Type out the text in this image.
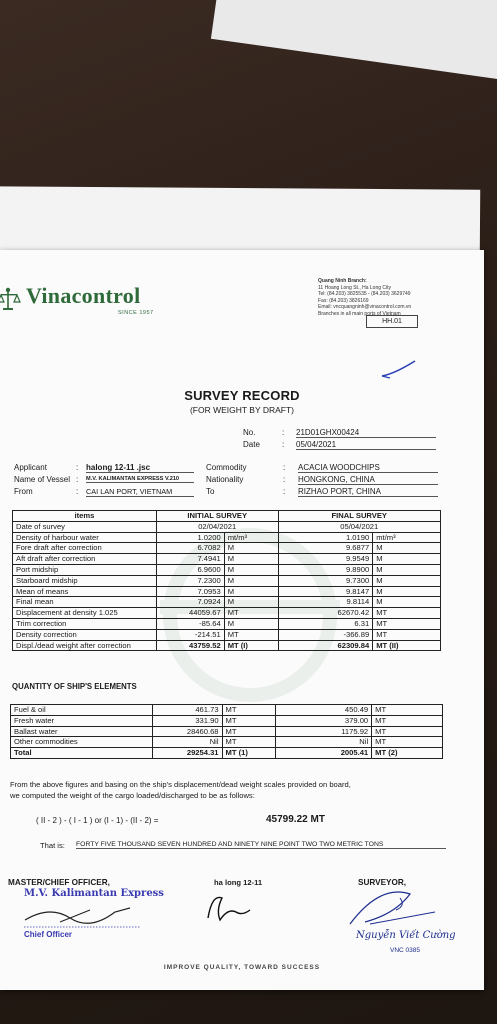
Vinacontrol
SINCE 1957
Quang Ninh Branch:
11 Hoang Long St., Ha Long City
Tel: (84.203) 3825535 - (84.203) 3629749
Fax: (84.203) 3826169
Email: vncquangninh@vinacontrol.com.vn
Branches in all main ports of Vietnam
HH.01
SURVEY RECORD
(FOR WEIGHT BY DRAFT)
No.	: 21D01GHX00424
Date	: 05/04/2021
Applicant	: halong 12-11 .jsc
Name of Vessel : M.V. KALIMANTAN EXPRESS V.210
From	: CAI LAN PORT, VIETNAM
Commodity	: ACACIA WOODCHIPS
Nationality	: HONGKONG, CHINA
To	: RIZHAO PORT, CHINA
items	INITIAL SURVEY		FINAL SURVEY	
Date of survey	02/04/2021		05/04/2021	
Density of harbour water	1.0200	mt/m³	1.0190	mt/m³
Fore draft after correction	6.7082	M	9.6877	M
Aft draft after correction	7.4941	M	9.9549	M
Port midship	6.9600	M	9.8900	M
Starboard midship	7.2300	M	9.7300	M
Mean of means	7.0953	M	9.8147	M
Final mean	7.0924	M	9.8114	M
Displacement at density 1.025	44059.67	MT	62670.42	MT
Trim correction	-85.64	M	6.31	MT
Density correction	-214.51	MT	-366.89	MT
Displ./dead weight after correction	43759.52	MT (I)	62309.84	MT (II)
QUANTITY OF SHIP'S ELEMENTS
Fuel & oil	461.73	MT	450.49	MT
Fresh water	331.90	MT	379.00	MT
Ballast water	28460.68	MT	1175.92	MT
Other commodities	Nil	MT	Nil	MT
Total	29254.31	MT (1)	2005.41	MT (2)
From the above figures and basing on the ship's displacement/dead weight scales provided on board,
we computed the weight of the cargo loaded/discharged to be as follows:
( II - 2 ) - ( I - 1 ) or (I - 1) - (II - 2) =	45799.22 MT
That is: FORTY FIVE THOUSAND SEVEN HUNDRED AND NINETY NINE POINT TWO TWO METRIC TONS
MASTER/CHIEF OFFICER,
M.V. Kalimantan Express
Chief Officer
ha long 12-11	SURVEYOR,
Nguyễn Viết Cường
VNC 0385
IMPROVE QUALITY, TOWARD SUCCESS
